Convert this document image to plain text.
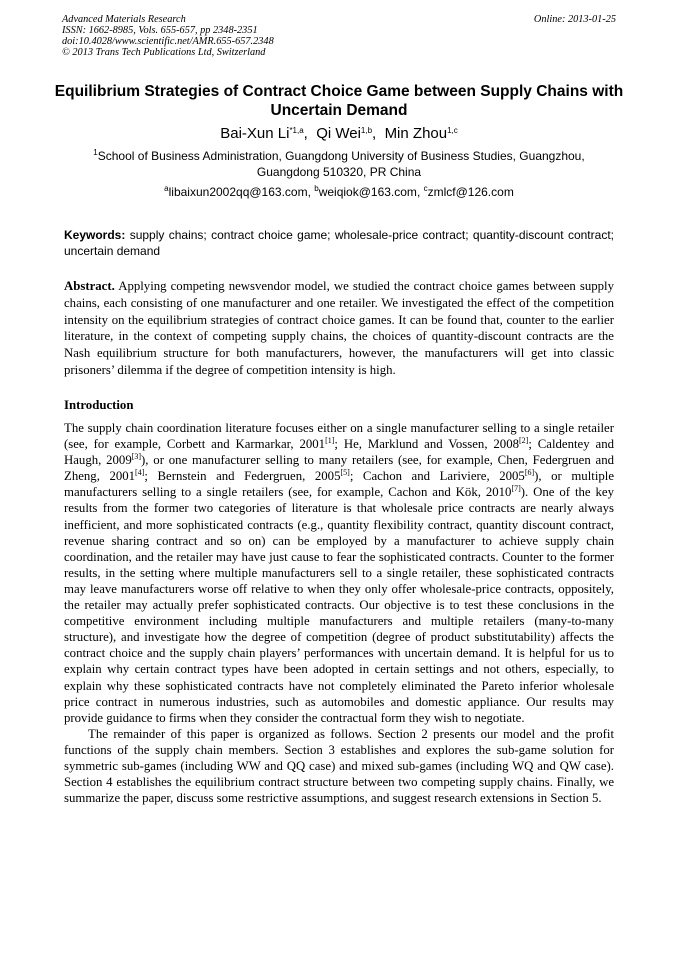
Advanced Materials Research
ISSN: 1662-8985, Vols. 655-657, pp 2348-2351
doi:10.4028/www.scientific.net/AMR.655-657.2348
© 2013 Trans Tech Publications Ltd, Switzerland
Online: 2013-01-25
Equilibrium Strategies of Contract Choice Game between Supply Chains with Uncertain Demand
Bai-Xun Li$^{*1,a}$,  Qi Wei$^{1,b}$,  Min Zhou$^{1,c}$
$^1$School of Business Administration, Guangdong University of Business Studies, Guangzhou, Guangdong 510320, PR China
$^a$libaixun2002qq@163.com, $^b$weiqiok@163.com, $^c$zmlcf@126.com
Keywords: supply chains; contract choice game; wholesale-price contract; quantity-discount contract; uncertain demand
Abstract. Applying competing newsvendor model, we studied the contract choice games between supply chains, each consisting of one manufacturer and one retailer. We investigated the effect of the competition intensity on the equilibrium strategies of contract choice games. It can be found that, counter to the earlier literature, in the context of competing supply chains, the choices of quantity-discount contracts are the Nash equilibrium structure for both manufacturers, however, the manufacturers will get into classic prisoners’ dilemma if the degree of competition intensity is high.
Introduction

The supply chain coordination literature focuses either on a single manufacturer selling to a single retailer (see, for example, Corbett and Karmarkar, 2001[1]; He, Marklund and Vossen, 2008[2]; Caldentey and Haugh, 2009[3]), or one manufacturer selling to many retailers (see, for example, Chen, Federgruen and Zheng, 2001[4]; Bernstein and Federgruen, 2005[5]; Cachon and Lariviere, 2005[6]), or multiple manufacturers selling to a single retailers (see, for example, Cachon and Kök, 2010[7]). One of the key results from the former two categories of literature is that wholesale price contracts are nearly always inefficient, and more sophisticated contracts (e.g., quantity flexibility contract, quantity discount contract, revenue sharing contract and so on) can be employed by a manufacturer to achieve supply chain coordination, and the retailer may have just cause to fear the sophisticated contracts. Counter to the former results, in the setting where multiple manufacturers sell to a single retailer, these sophisticated contracts may leave manufacturers worse off relative to when they only offer wholesale-price contracts, oppositely, the retailer may actually prefer sophisticated contracts. Our objective is to test these conclusions in the competitive environment including multiple manufacturers and multiple retailers (many-to-many structure), and investigate how the degree of competition (degree of product substitutability) affects the contract choice and the supply chain players’ performances with uncertain demand. It is helpful for us to explain why certain contract types have been adopted in certain settings and not others, especially, to explain why these sophisticated contracts have not completely eliminated the Pareto inferior wholesale price contract in numerous industries, such as automobiles and domestic appliance. Our results may provide guidance to firms when they consider the contractual form they wish to negotiate.

The remainder of this paper is organized as follows. Section 2 presents our model and the profit functions of the supply chain members. Section 3 establishes and explores the sub-game solution for symmetric sub-games (including WW and QQ case) and mixed sub-games (including WQ and QW case). Section 4 establishes the equilibrium contract structure between two competing supply chains. Finally, we summarize the paper, discuss some restrictive assumptions, and suggest research extensions in Section 5.
